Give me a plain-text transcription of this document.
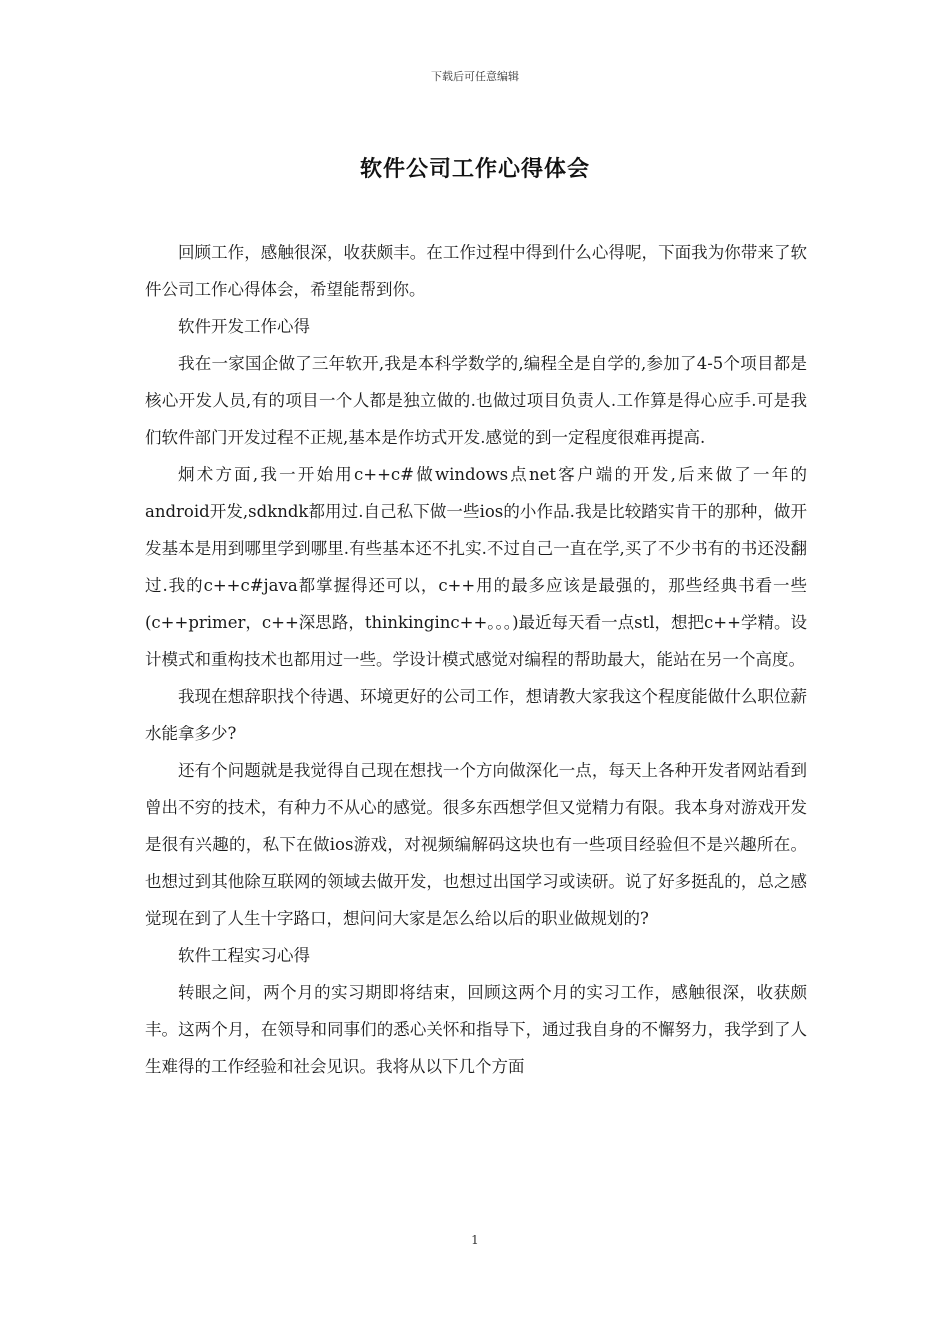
下载后可任意编辑
软件公司工作心得体会

回顾工作，感触很深，收获颇丰。在工作过程中得到什么心得呢，下面我为你带来了软件公司工作心得体会，希望能帮到你。

软件开发工作心得

我在一家国企做了三年软开,我是本科学数学的,编程全是自学的,参加了4-5个项目都是核心开发人员,有的项目一个人都是独立做的.也做过项目负责人.工作算是得心应手.可是我们软件部门开发过程不正规,基本是作坊式开发.感觉的到一定程度很难再提高.

炯术方面,我一开始用c++c#做windows点net客户端的开发,后来做了一年的android开发,sdkndk都用过.自己私下做一些ios的小作品.我是比较踏实肯干的那种，做开发基本是用到哪里学到哪里.有些基本还不扎实.不过自己一直在学,买了不少书有的书还没翻过.我的c++c#java都掌握得还可以，c++用的最多应该是最强的，那些经典书看一些(c++primer，c++深思路，thinkinginc++。。。)最近每天看一点stl，想把c++学精。设计模式和重构技术也都用过一些。学设计模式感觉对编程的帮助最大，能站在另一个高度。

我现在想辞职找个待遇、环境更好的公司工作，想请教大家我这个程度能做什么职位薪水能拿多少?

还有个问题就是我觉得自己现在想找一个方向做深化一点，每天上各种开发者网站看到曾出不穷的技术，有种力不从心的感觉。很多东西想学但又觉精力有限。我本身对游戏开发是很有兴趣的，私下在做ios游戏，对视频编解码这块也有一些项目经验但不是兴趣所在。也想过到其他除互联网的领域去做开发，也想过出国学习或读研。说了好多挺乱的，总之感觉现在到了人生十字路口，想问问大家是怎么给以后的职业做规划的?

软件工程实习心得

转眼之间，两个月的实习期即将结束，回顾这两个月的实习工作，感触很深，收获颇丰。这两个月，在领导和同事们的悉心关怀和指导下，通过我自身的不懈努力，我学到了人生难得的工作经验和社会见识。我将从以下几个方面

1
